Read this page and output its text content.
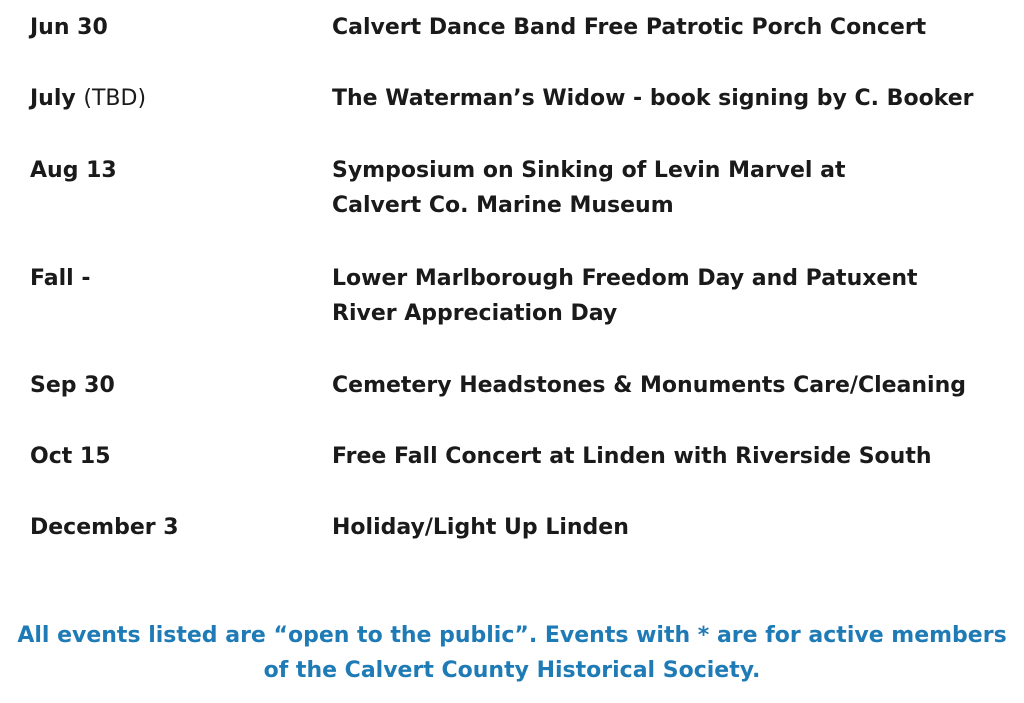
Jun 30	Calvert Dance Band Free Patrotic Porch Concert
July (TBD)	The Waterman’s Widow - book signing by C. Booker
Aug 13	Symposium on Sinking of Levin Marvel at
Calvert Co. Marine Museum
Fall -	Lower Marlborough Freedom Day and Patuxent
River Appreciation Day
Sep 30	Cemetery Headstones & Monuments Care/Cleaning
Oct 15	Free Fall Concert at Linden with Riverside South
December 3	Holiday/Light Up Linden
All events listed are “open to the public”. Events with * are for active members
of the Calvert County Historical Society.
